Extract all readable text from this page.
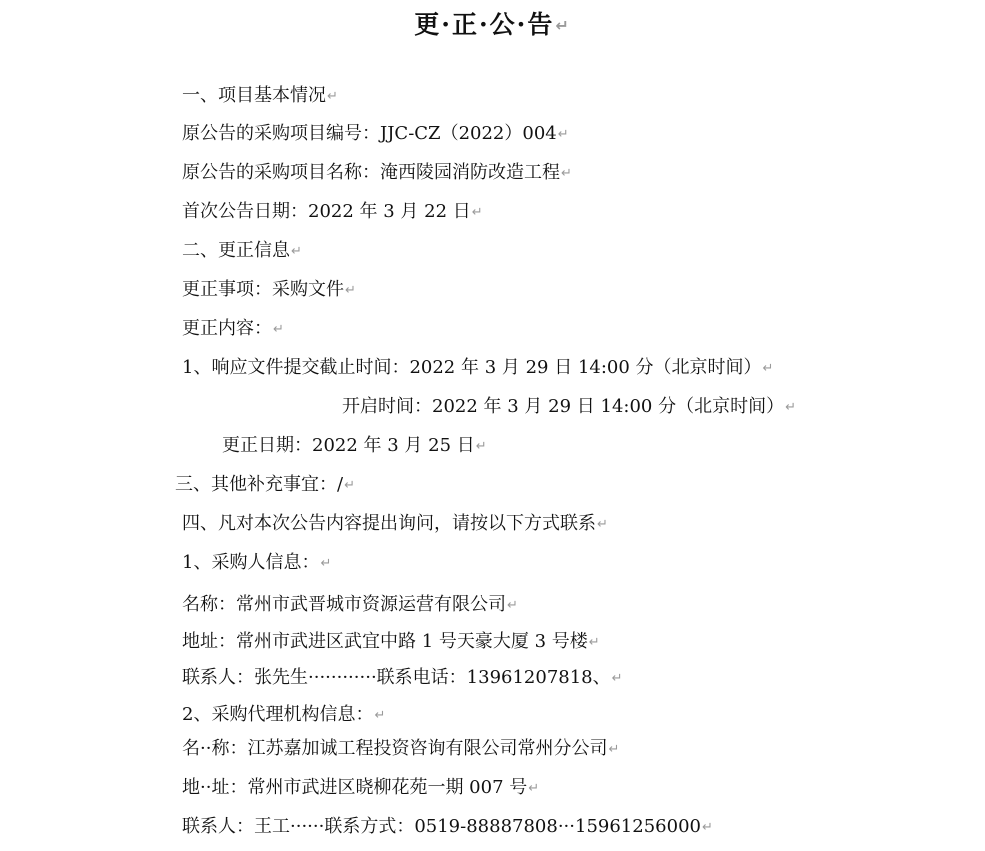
更·正·公·告↵
一、项目基本情况↵
原公告的采购项目编号：JJC-CZ（2022）004↵
原公告的采购项目名称：淹西陵园消防改造工程↵
首次公告日期：2022 年 3 月 22 日↵
二、更正信息↵
更正事项：采购文件↵
更正内容：↵
1、响应文件提交截止时间：2022 年 3 月 29 日 14:00 分（北京时间）↵
开启时间：2022 年 3 月 29 日 14:00 分（北京时间）↵
更正日期：2022 年 3 月 25 日↵
三、其他补充事宜：/↵
四、凡对本次公告内容提出询问，请按以下方式联系↵
1、采购人信息：↵
名称：常州市武晋城市资源运营有限公司↵
地址：常州市武进区武宜中路 1 号天豪大厦 3 号楼↵
联系人：张先生············联系电话：13961207818、↵
2、采购代理机构信息：↵
名··称：江苏嘉加诚工程投资咨询有限公司常州分公司↵
地··址：常州市武进区晓柳花苑一期 007 号↵
联系人：王工······联系方式：0519-88887808···15961256000↵
